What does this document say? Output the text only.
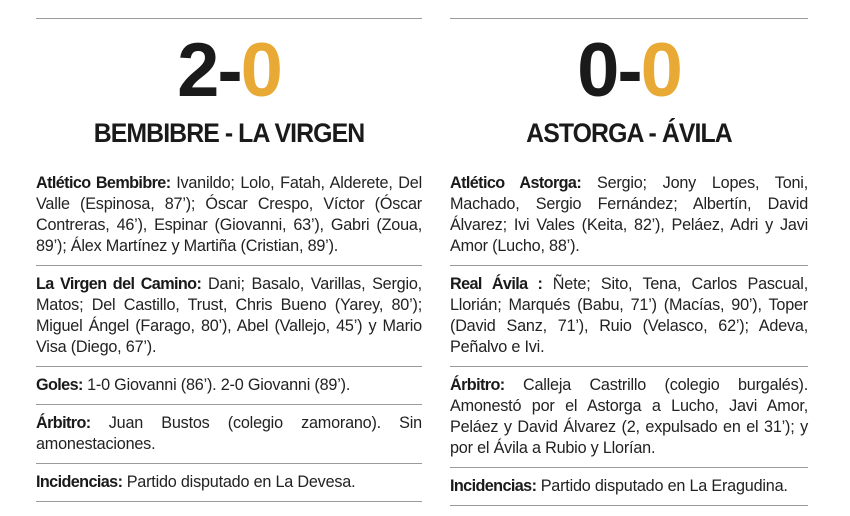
2-0
BEMBIBRE - LA VIRGEN

Atlético Bembibre: Ivanildo; Lolo, Fatah, Alderete, Del Valle (Espinosa, 87’); Óscar Crespo, Víctor (Óscar Contreras, 46’), Espinar (Giovanni, 63’), Gabri (Zoua, 89’); Álex Martínez y Martiña (Cristian, 89’).

La Virgen del Camino: Dani; Basalo, Varillas, Sergio, Matos; Del Castillo, Trust, Chris Bueno (Yarey, 80’); Miguel Ángel (Farago, 80’), Abel (Vallejo, 45’) y Mario Visa (Diego, 67’).

Goles: 1-0 Giovanni (86’). 2-0 Giovanni (89’).

Árbitro: Juan Bustos (colegio zamorano). Sin amonestaciones.

Incidencias: Partido disputado en La Devesa.

0-0
ASTORGA - ÁVILA

Atlético Astorga: Sergio; Jony Lopes, Toni, Machado, Sergio Fernández; Albertín, David Álvarez; Ivi Vales (Keita, 82’), Peláez, Adri y Javi Amor (Lucho, 88’).

Real Ávila : Ñete; Sito, Tena, Carlos Pascual, Llorián; Marqués (Babu, 71’) (Macías, 90’), Toper (David Sanz, 71’), Ruio (Velasco, 62’); Adeva, Peñalvo e Ivi.

Árbitro: Calleja Castrillo (colegio burgalés). Amonestó por el Astorga a Lucho, Javi Amor, Peláez y David Álvarez (2, expulsado en el 31’); y por el Ávila a Rubio y Llorían.

Incidencias: Partido disputado en La Eragudina.
